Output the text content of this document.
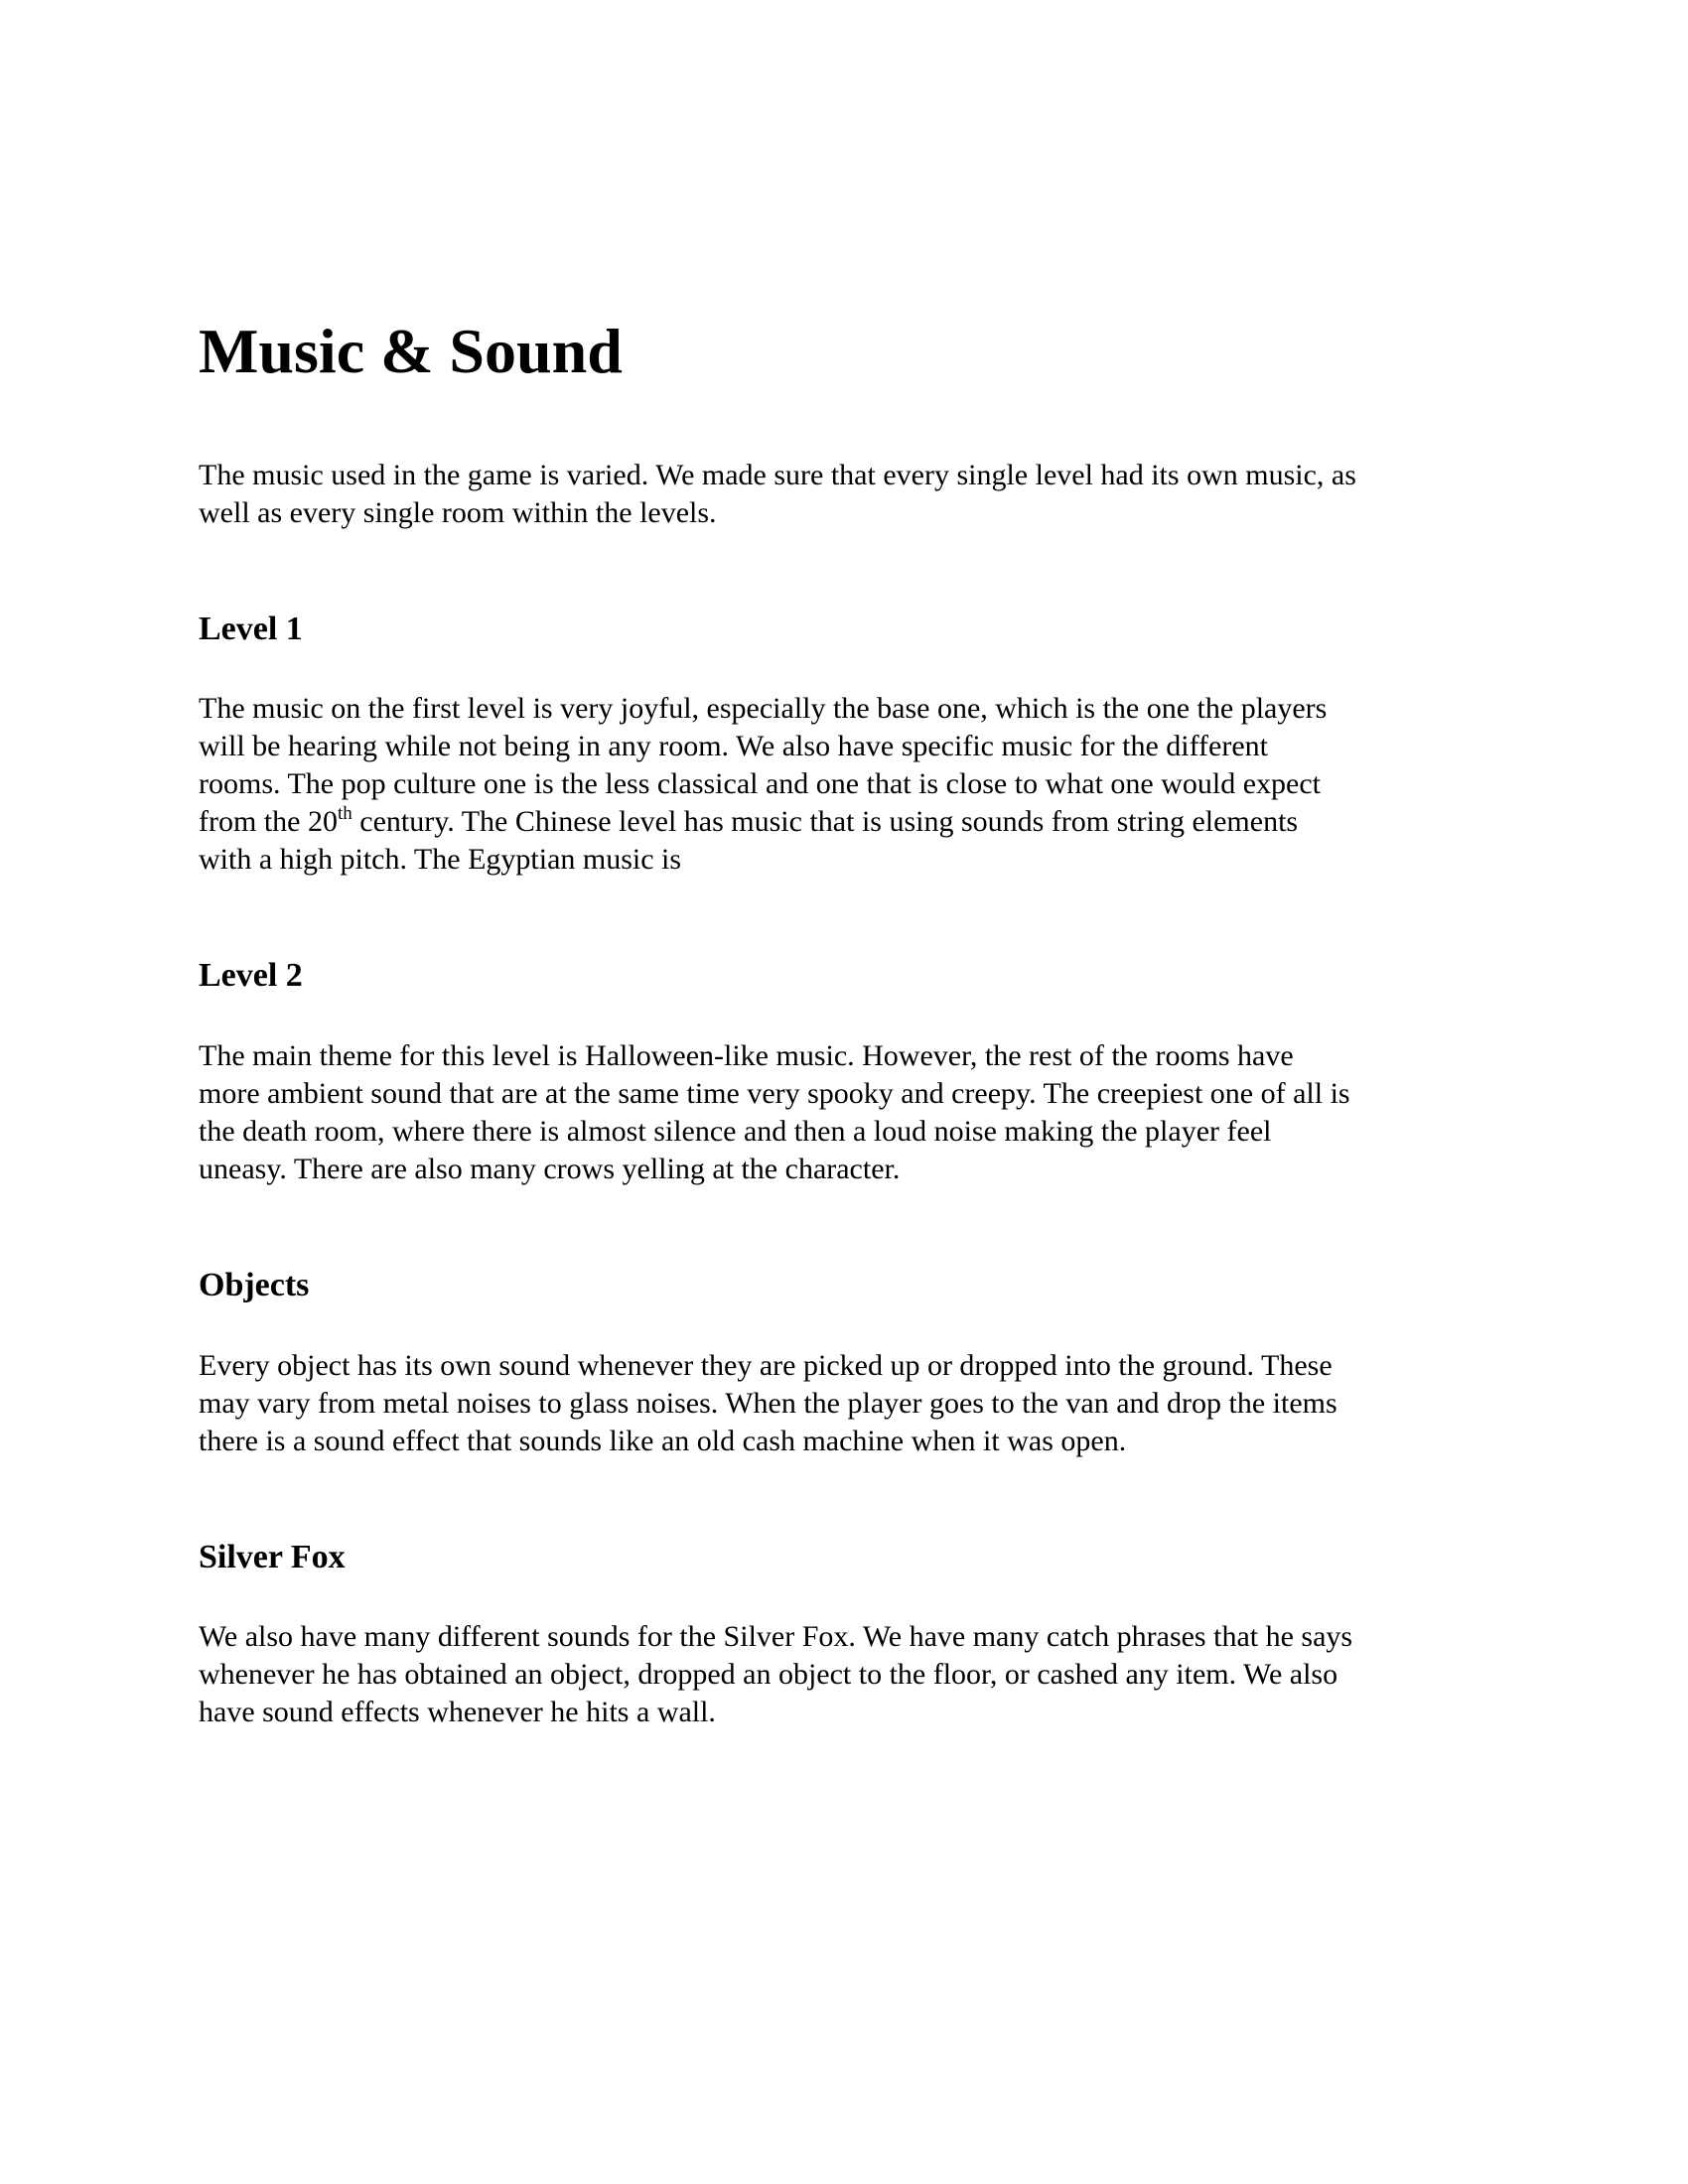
Music & Sound

The music used in the game is varied. We made sure that every single level had its own music, as
well as every single room within the levels.

Level 1

The music on the first level is very joyful, especially the base one, which is the one the players
will be hearing while not being in any room. We also have specific music for the different
rooms. The pop culture one is the less classical and one that is close to what one would expect
from the 20th century. The Chinese level has music that is using sounds from string elements
with a high pitch. The Egyptian music is

Level 2

The main theme for this level is Halloween-like music. However, the rest of the rooms have
more ambient sound that are at the same time very spooky and creepy. The creepiest one of all is
the death room, where there is almost silence and then a loud noise making the player feel
uneasy. There are also many crows yelling at the character.

Objects

Every object has its own sound whenever they are picked up or dropped into the ground. These
may vary from metal noises to glass noises. When the player goes to the van and drop the items
there is a sound effect that sounds like an old cash machine when it was open.

Silver Fox

We also have many different sounds for the Silver Fox. We have many catch phrases that he says
whenever he has obtained an object, dropped an object to the floor, or cashed any item. We also
have sound effects whenever he hits a wall.
